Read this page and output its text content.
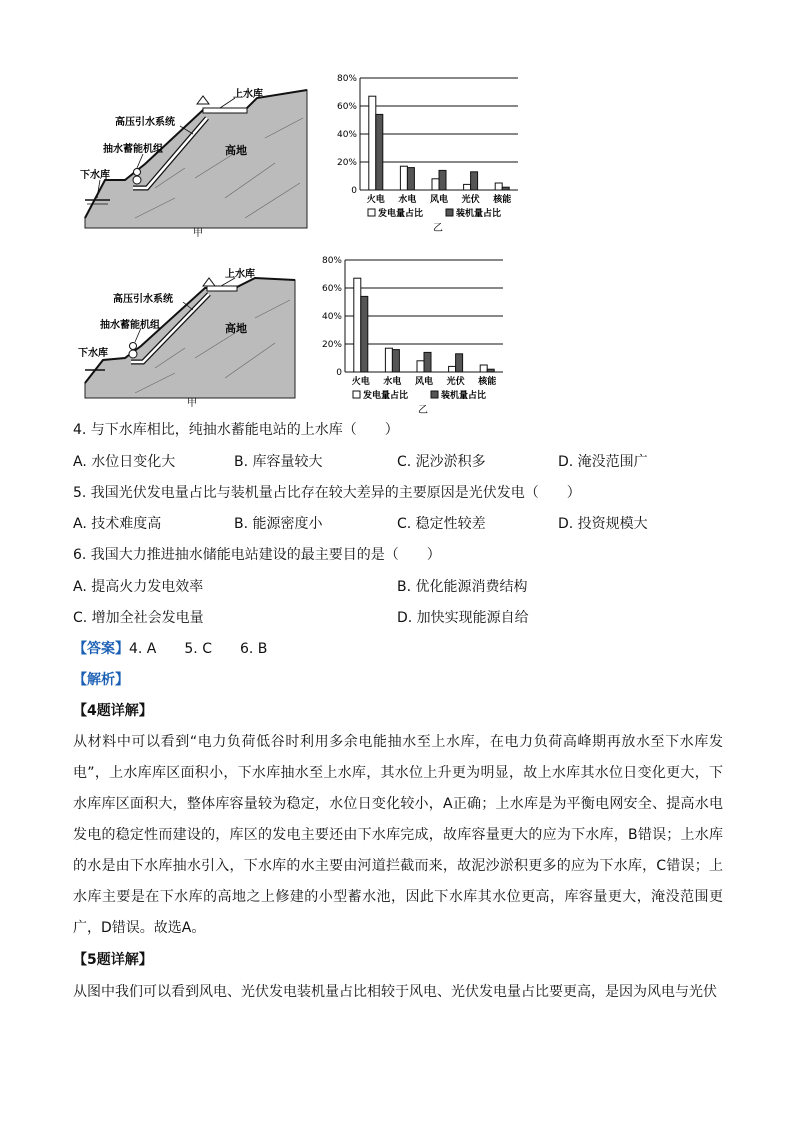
上水库
高压引水系统
抽水蓄能机组
下水库
高地
甲
80%
60%
40%
20%
0
火电 水电 风电 光伏 核能
发电量占比	装机量占比
乙
上水库
高压引水系统
抽水蓄能机组
下水库
高地
甲
80%
60%
40%
20%
0
火电 水电 风电 光伏 核能
发电量占比	装机量占比
乙
4. 与下水库相比，纯抽水蓄能电站的上水库（　　）
A. 水位日变化大	B. 库容量较大	C. 泥沙淤积多	D. 淹没范围广
5. 我国光伏发电量占比与装机量占比存在较大差异的主要原因是光伏发电（　　）
A. 技术难度高	B. 能源密度小	C. 稳定性较差	D. 投资规模大
6. 我国大力推进抽水储能电站建设的最主要目的是（　　）
A. 提高火力发电效率	B. 优化能源消费结构
C. 增加全社会发电量	D. 加快实现能源自给
【答案】4. A　　5. C　　6. B
【解析】
【4题详解】
从材料中可以看到“电力负荷低谷时利用多余电能抽水至上水库，在电力负荷高峰期再放水至下水库发电”，上水库库区面积小，下水库抽水至上水库，其水位上升更为明显，故上水库其水位日变化更大，下水库库区面积大，整体库容量较为稳定，水位日变化较小，A正确；上水库是为平衡电网安全、提高水电发电的稳定性而建设的，库区的发电主要还由下水库完成，故库容量更大的应为下水库，B错误；上水库的水是由下水库抽水引入，下水库的水主要由河道拦截而来，故泥沙淤积更多的应为下水库，C错误；上水库主要是在下水库的高地之上修建的小型蓄水池，因此下水库其水位更高，库容量更大，淹没范围更广，D错误。故选A。
【5题详解】
从图中我们可以看到风电、光伏发电装机量占比相较于风电、光伏发电量占比要更高，是因为风电与光伏
